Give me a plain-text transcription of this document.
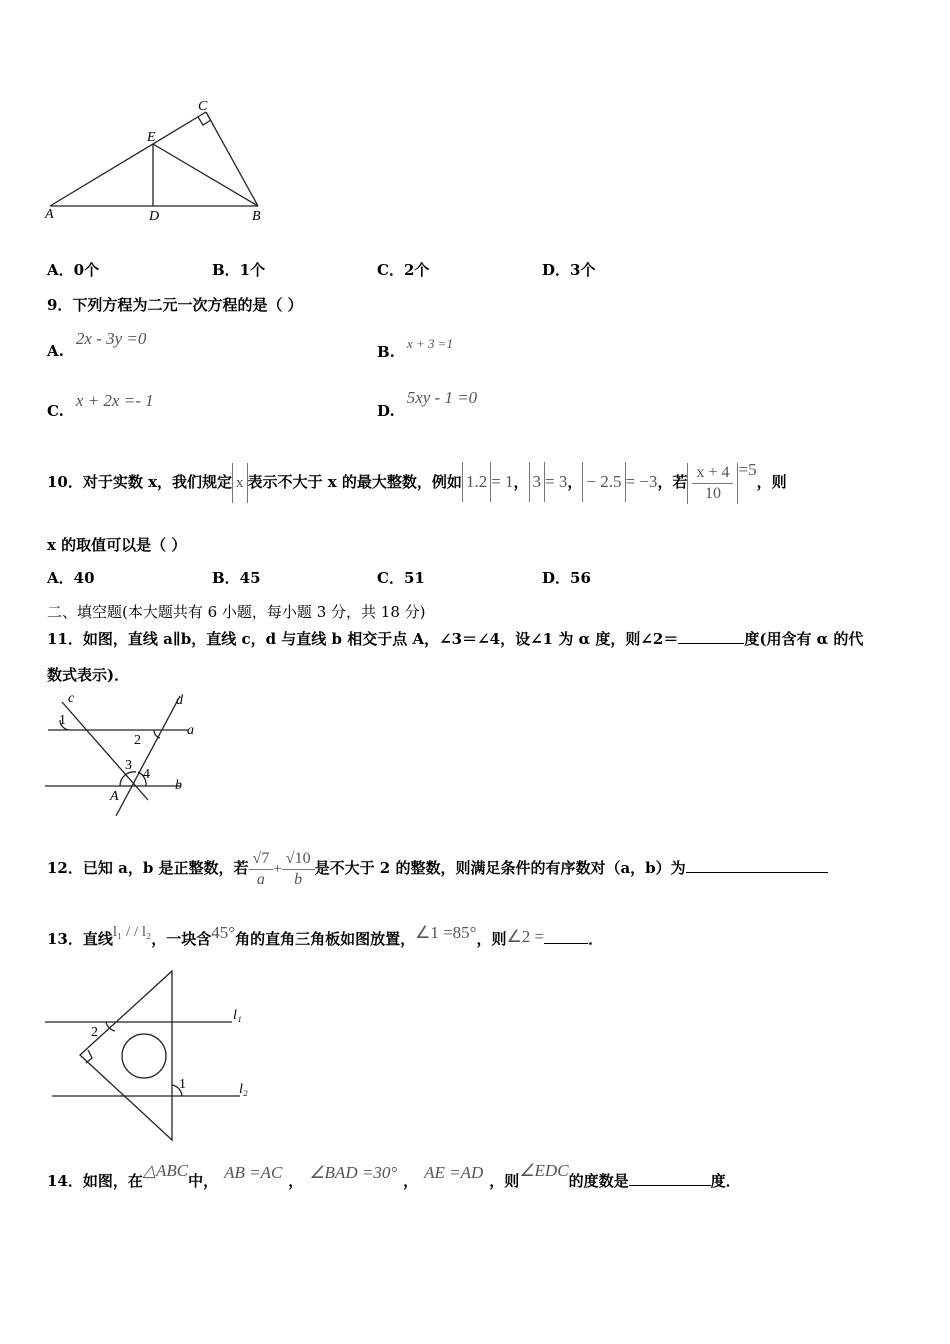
C
E
A	D	B
A．0个	B．1个	C．2个	D．3个
9．下列方程为二元一次方程的是（ ）
A.2x - 3y =0
B. x + 3 =1
C.x + 2x =- 1
D.5xy - 1 =0
10．对于实数 x，我们规定 x 表示不大于 x 的最大整数，例如 1.2 = 1， 3 = 3， − 2.5 = −3，若 $\frac{x + 4}{10} =5$，则
x 的取值可以是（ ）
A．40	B．45	C．51	D．56
二、填空题(本大题共有 6 小题，每小题 3 分，共 18 分)
11．如图，直线 a∥b，直线 c，d 与直线 b 相交于点 A，∠3＝∠4，设∠1 为 α 度，则∠2＝	度(用含有 α 的代
数式表示)．
c	d
a
b
1
2
3
4
A
12．已知 a，b 是正整数，若 $\frac{√7}{a} + \frac{√10}{b}$ 是不大于 2 的整数，则满足条件的有序数对（a，b）为
13．直线l₁ / / l₂，一块含45°角的直角三角板如图放置，∠1 =85°，则∠2 =	．
l₁
l₂
1
2
14．如图，在△ABC中， AB =AC ， ∠BAD =30° ， AE =AD ，则∠EDC的度数是	度．
